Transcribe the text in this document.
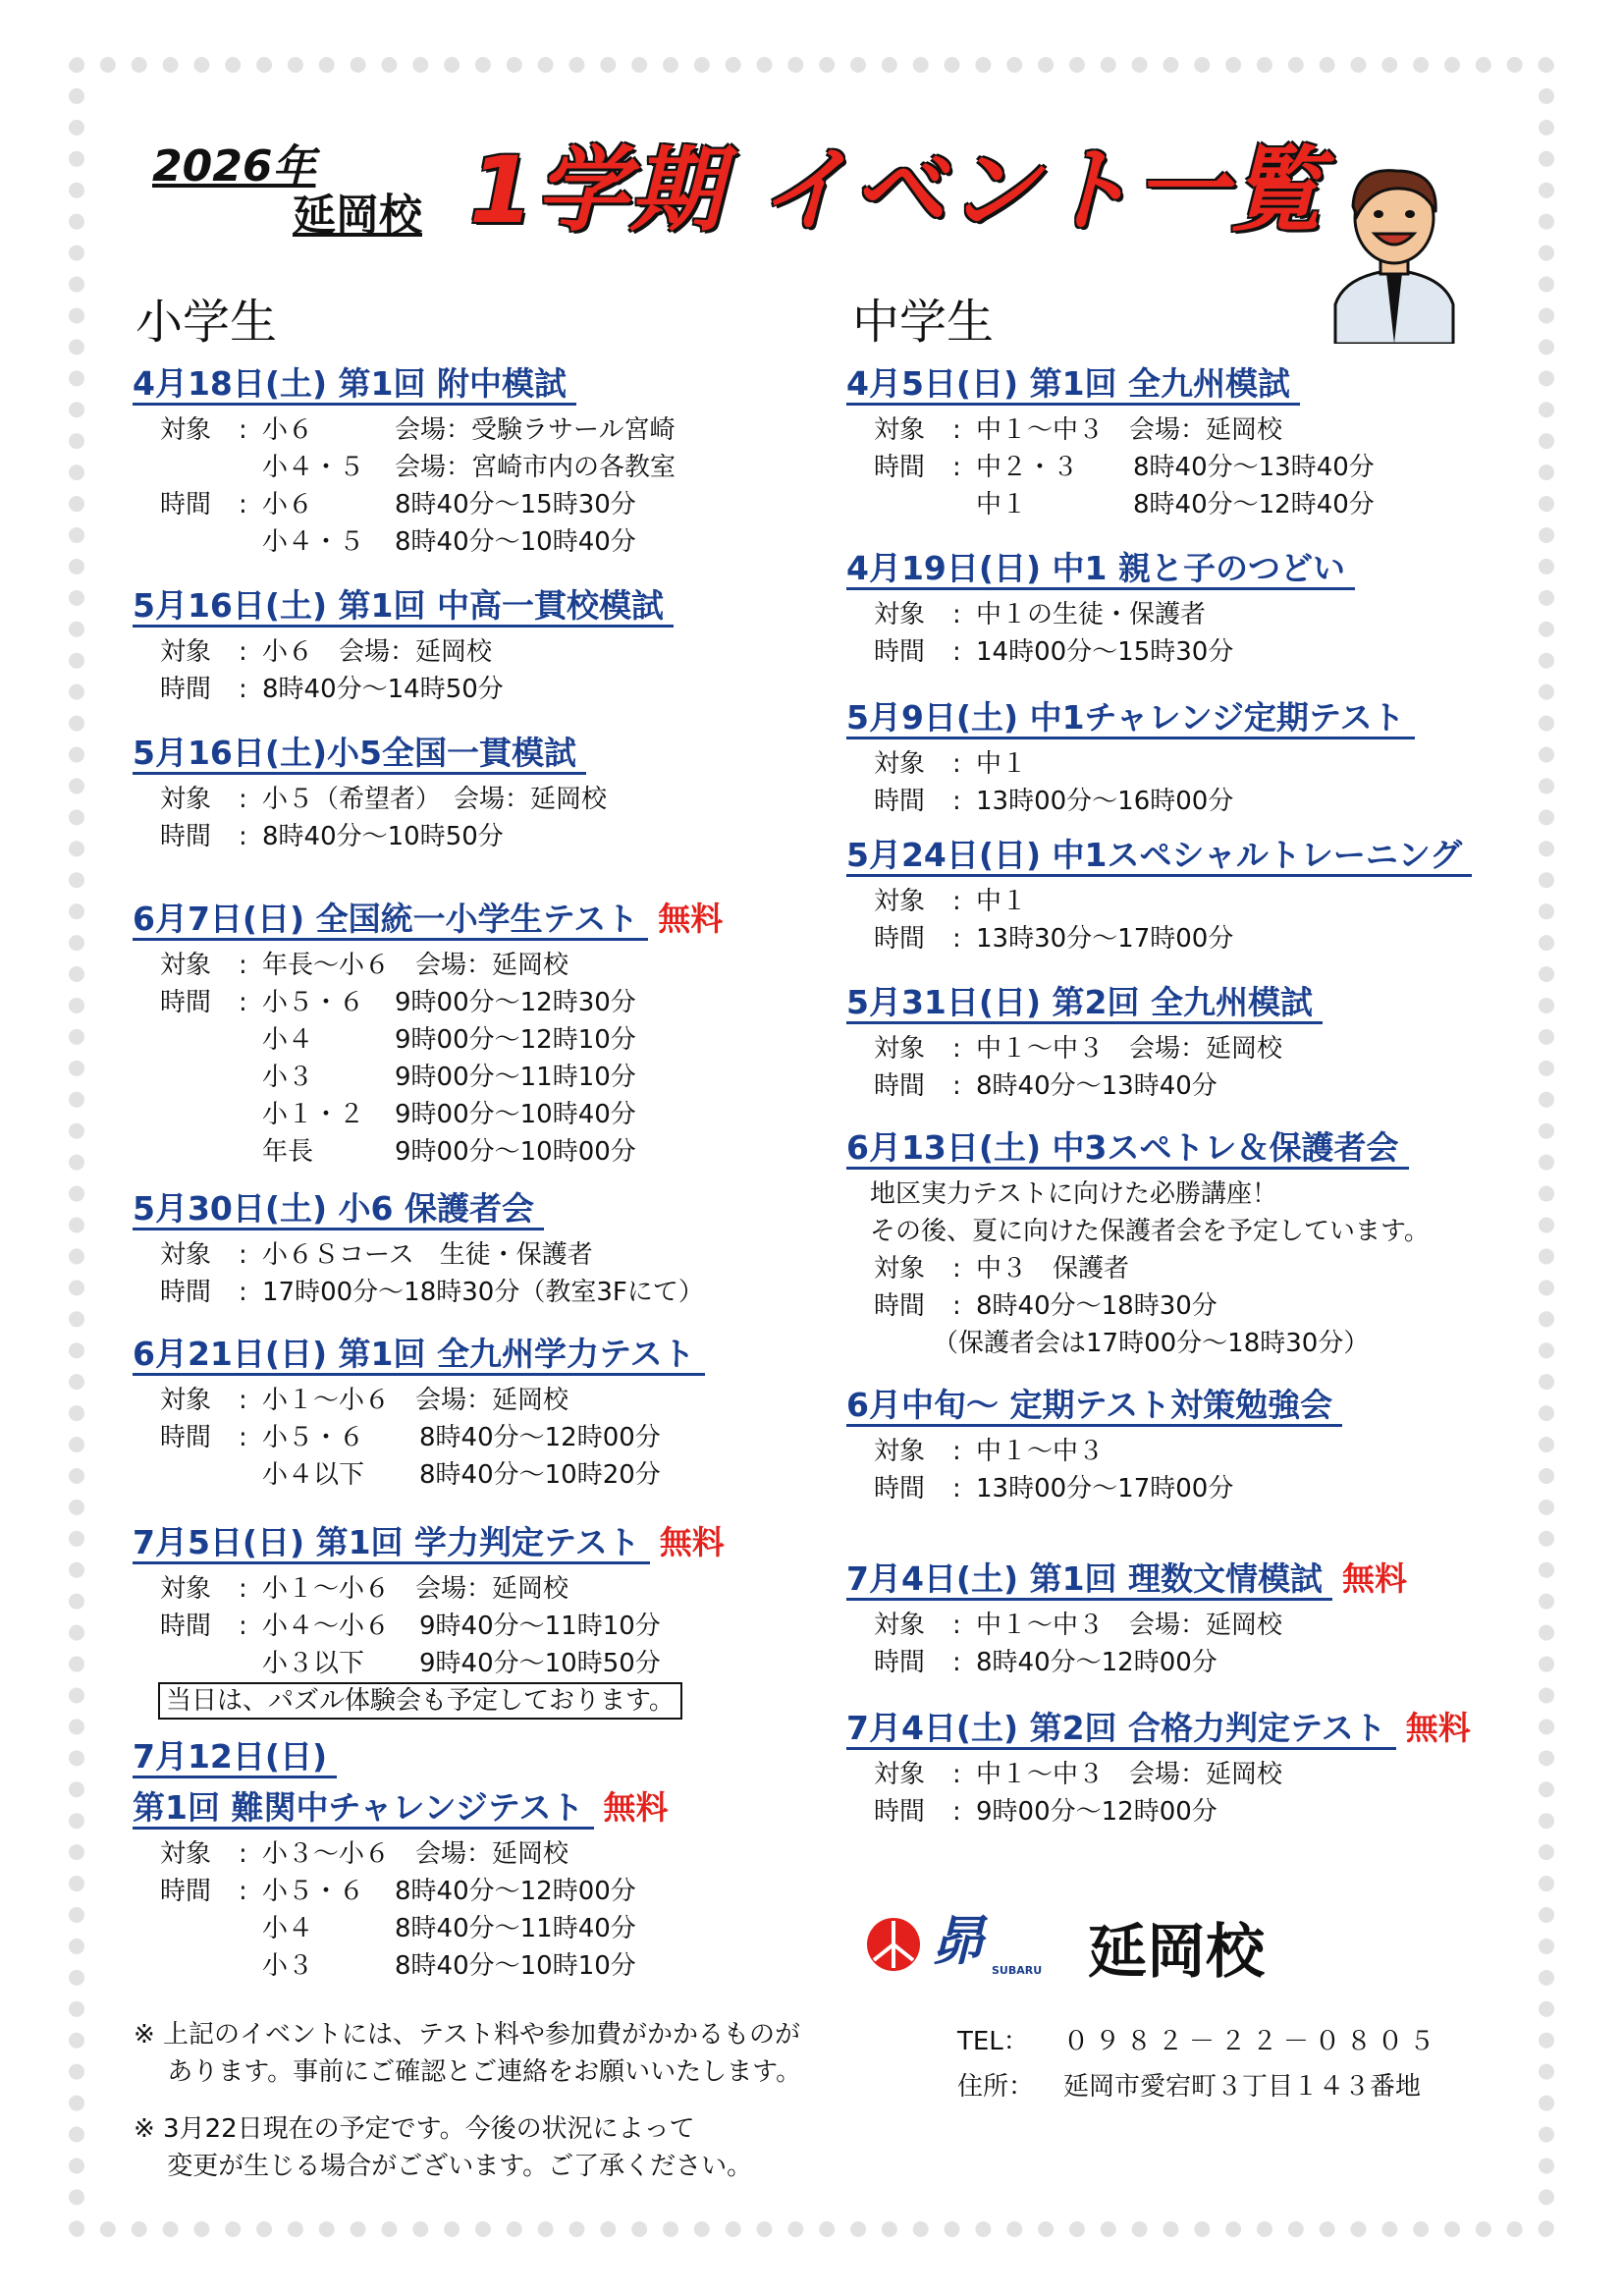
2026年
延岡校 1学期 イベント一覧
小学生	中学生
4月18日(土) 第1回 附中模試
対象	: 小６	会場：受験ラサール宮崎
小４・５	会場：宮崎市内の各教室
時間	: 小６	8時40分～15時30分
小４・５	8時40分～10時40分
5月16日(土) 第1回 中高一貫校模試
対象	: 小６　会場：延岡校
時間	: 8時40分～14時50分
5月16日(土)小5全国一貫模試
対象	: 小５（希望者）　会場：延岡校
時間	: 8時40分～10時50分
6月7日(日) 全国統一小学生テスト 無料
対象	: 年長～小６　会場：延岡校
時間	: 小５・６	9時00分～12時30分
小４	9時00分～12時10分
小３	9時00分～11時10分
小１・２	9時00分～10時40分
年長	9時00分～10時00分
5月30日(土) 小6 保護者会
対象	: 小６Ｓコース　生徒・保護者
時間	: 17時00分～18時30分（教室3Fにて）
6月21日(日) 第1回 全九州学力テスト
対象	: 小１～小６　会場：延岡校
時間	: 小５・６	8時40分～12時00分
小４以下	8時40分～10時20分
7月5日(日) 第1回 学力判定テスト 無料
対象	: 小１～小６　会場：延岡校
時間	: 小４～小６	9時40分～11時10分
小３以下	9時40分～10時50分
当日は、パズル体験会も予定しております。
7月12日(日)
第1回 難関中チャレンジテスト 無料
対象	: 小３～小６　会場：延岡校
時間	: 小５・６	8時40分～12時00分
小４	8時40分～11時40分
小３	8時40分～10時10分
4月5日(日) 第1回 全九州模試
対象	: 中１～中３　会場：延岡校
時間	: 中２・３	8時40分～13時40分
中１	8時40分～12時40分
4月19日(日) 中1 親と子のつどい
対象	: 中１の生徒・保護者
時間	: 14時00分～15時30分
5月9日(土) 中1チャレンジ定期テスト
対象	: 中１
時間	: 13時00分～16時00分
5月24日(日) 中1スペシャルトレーニング
対象	: 中１
時間	: 13時30分～17時00分
5月31日(日) 第2回 全九州模試
対象	: 中１～中３　会場：延岡校
時間	: 8時40分～13時40分
6月13日(土) 中3スペトレ＆保護者会
地区実力テストに向けた必勝講座！
その後、夏に向けた保護者会を予定しています。
対象	: 中３　保護者
時間	: 8時40分～18時30分
（保護者会は17時00分～18時30分）
6月中旬～ 定期テスト対策勉強会
対象	: 中１～中３
時間	: 13時00分～17時00分
7月4日(土) 第1回 理数文情模試 無料
対象	: 中１～中３　会場：延岡校
時間	: 8時40分～12時00分
7月4日(土) 第2回 合格力判定テスト 無料
対象	: 中１～中３　会場：延岡校
時間	: 9時00分～12時00分
※ 上記のイベントには、テスト料や参加費がかかるものが
　 あります。事前にご確認とご連絡をお願いいたします。
※ 3月22日現在の予定です。今後の状況によって
　 変更が生じる場合がございます。ご了承ください。
昴 SUBARU 延岡校
TEL：	０９８２－２２－０８０５
住所：	延岡市愛宕町３丁目１４３番地
